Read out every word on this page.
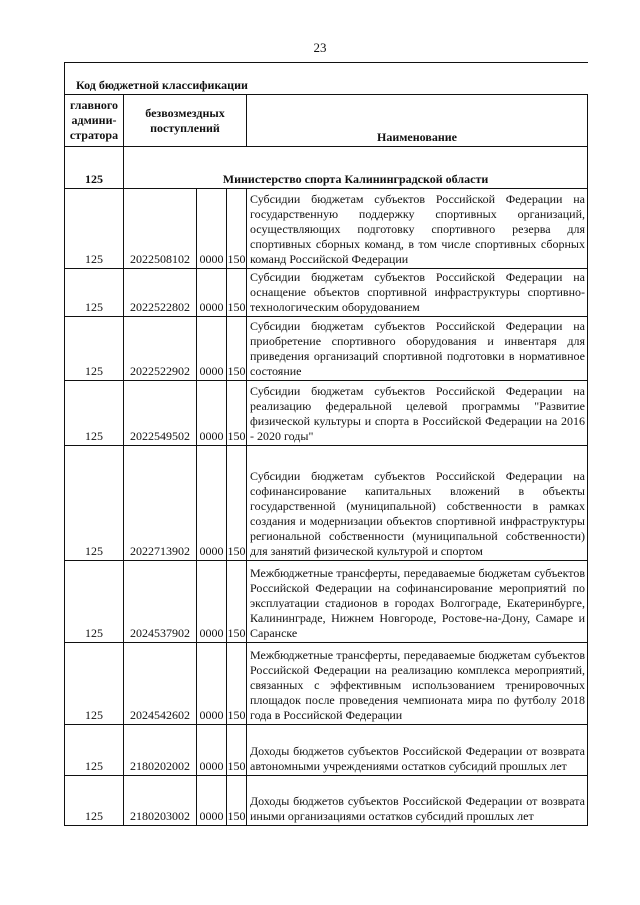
23
Код бюджетной классификации				
главного админи-стратора	безвозмездных поступлений			Наименование
125	Министерство спорта Калининградской области			
125	2022508102	0000	150	Субсидии бюджетам субъектов Российской Федерации на государственную поддержку спортивных организаций, осуществляющих подготовку спортивного резерва для спортивных сборных команд, в том числе спортивных сборных команд Российской Федерации
125	2022522802	0000	150	Субсидии бюджетам субъектов Российской Федерации на оснащение объектов спортивной инфраструктуры спортивно-технологическим оборудованием
125	2022522902	0000	150	Субсидии бюджетам субъектов Российской Федерации на приобретение спортивного оборудования и инвентаря для приведения организаций спортивной подготовки в нормативное состояние
125	2022549502	0000	150	Субсидии бюджетам субъектов Российской Федерации на реализацию федеральной целевой программы "Развитие физической культуры и спорта в Российской Федерации на 2016 - 2020 годы"
125	2022713902	0000	150	Субсидии бюджетам субъектов Российской Федерации на софинансирование капитальных вложений в объекты государственной (муниципальной) собственности в рамках создания и модернизации объектов спортивной инфраструктуры региональной собственности (муниципальной собственности) для занятий физической культурой и спортом
125	2024537902	0000	150	Межбюджетные трансферты, передаваемые бюджетам субъектов Российской Федерации на софинансирование мероприятий по эксплуатации стадионов в городах Волгограде, Екатеринбурге, Калининграде, Нижнем Новгороде, Ростове-на-Дону, Самаре и Саранске
125	2024542602	0000	150	Межбюджетные трансферты, передаваемые бюджетам субъектов Российской Федерации на реализацию комплекса мероприятий, связанных с эффективным использованием тренировочных площадок после проведения чемпионата мира по футболу 2018 года в Российской Федерации
125	2180202002	0000	150	Доходы бюджетов субъектов Российской Федерации от возврата автономными учреждениями остатков субсидий прошлых лет
125	2180203002	0000	150	Доходы бюджетов субъектов Российской Федерации от возврата иными организациями остатков субсидий прошлых лет
